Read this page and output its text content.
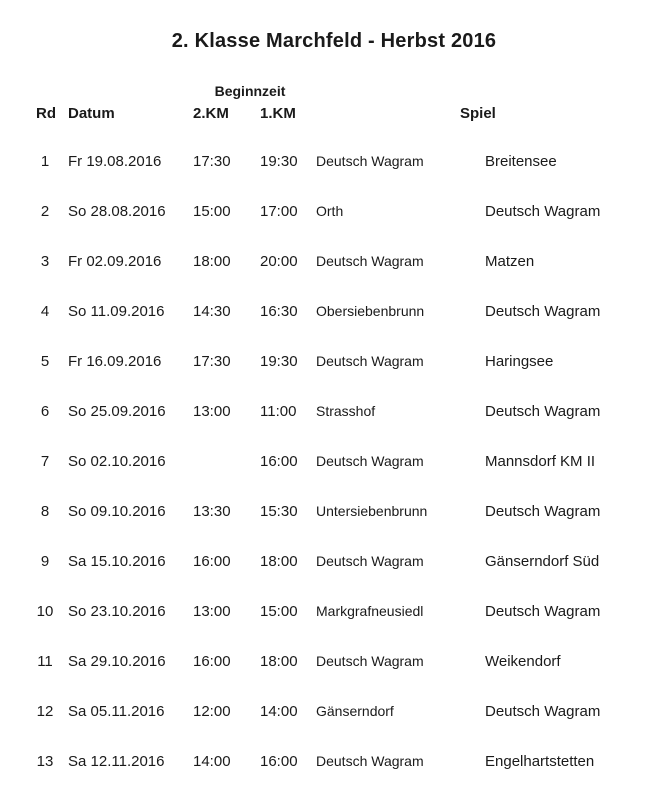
2. Klasse Marchfeld - Herbst 2016
Beginnzeit
Rd Datum	2.KM 1.KM	Spiel
1	Fr 19.08.2016 17:30 19:30 Deutsch Wagram	Breitensee
2	So 28.08.2016 15:00 17:00 Orth	Deutsch Wagram
3	Fr 02.09.2016 18:00 20:00 Deutsch Wagram	Matzen
4	So 11.09.2016 14:30 16:30 Obersiebenbrunn	Deutsch Wagram
5	Fr 16.09.2016 17:30 19:30 Deutsch Wagram	Haringsee
6	So 25.09.2016 13:00 11:00 Strasshof	Deutsch Wagram
7	So 02.10.2016	16:00 Deutsch Wagram	Mannsdorf KM II
8	So 09.10.2016 13:30 15:30 Untersiebenbrunn	Deutsch Wagram
9	Sa 15.10.2016 16:00 18:00 Deutsch Wagram	Gänserndorf Süd
10 So 23.10.2016 13:00 15:00 Markgrafneusiedl	Deutsch Wagram
11	Sa 29.10.2016 16:00 18:00 Deutsch Wagram	Weikendorf
12 Sa 05.11.2016 12:00 14:00 Gänserndorf	Deutsch Wagram
13 Sa 12.11.2016 14:00 16:00 Deutsch Wagram	Engelhartstetten
